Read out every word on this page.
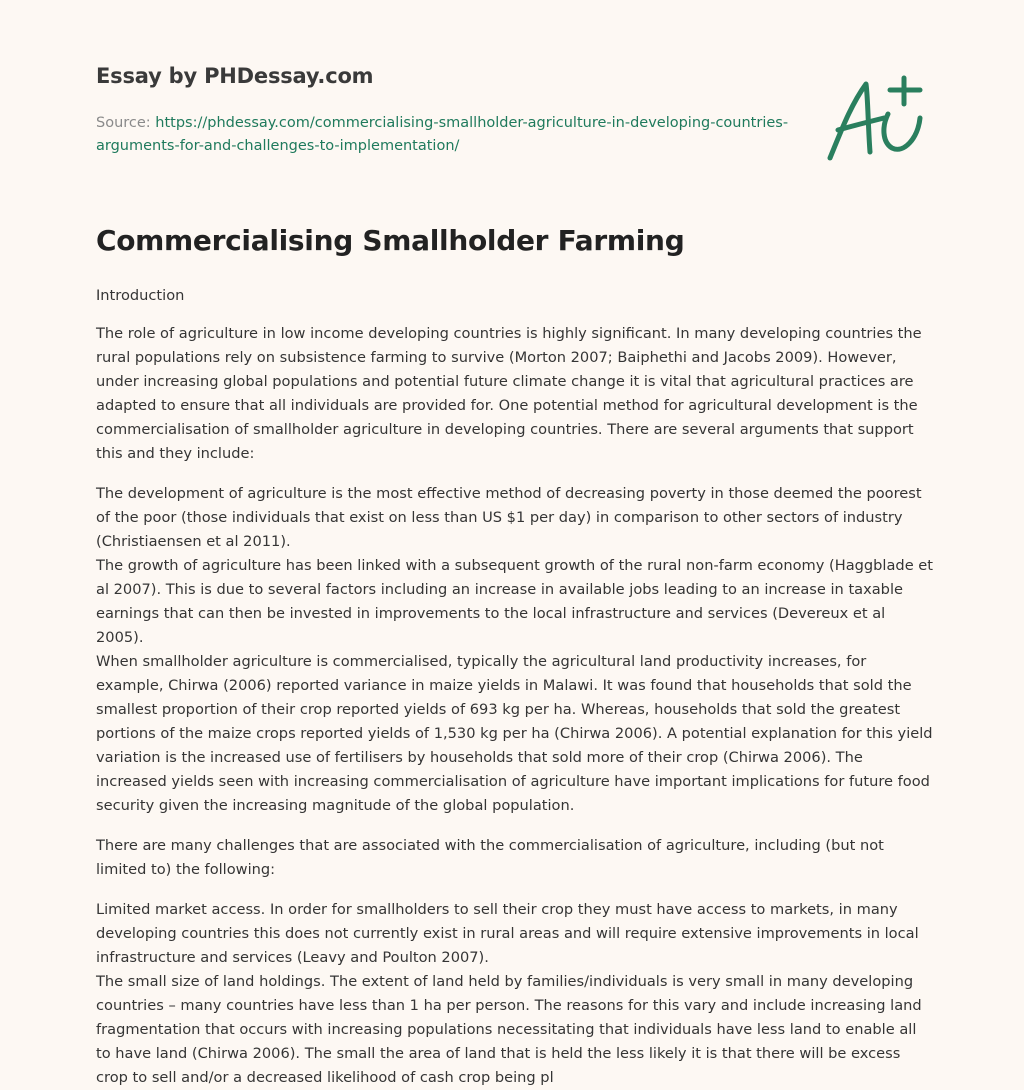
Essay by PHDessay.com
Source: https://phdessay.com/commercialising-smallholder-agriculture-in-developing-countries-arguments-for-and-challenges-to-implementation/
Commercialising Smallholder Farming

Introduction

The role of agriculture in low income developing countries is highly significant. In many developing countries the rural populations rely on subsistence farming to survive (Morton 2007; Baiphethi and Jacobs 2009). However, under increasing global populations and potential future climate change it is vital that agricultural practices are adapted to ensure that all individuals are provided for. One potential method for agricultural development is the commercialisation of smallholder agriculture in developing countries. There are several arguments that support this and they include:

The development of agriculture is the most effective method of decreasing poverty in those deemed the poorest of the poor (those individuals that exist on less than US $1 per day) in comparison to other sectors of industry (Christiaensen et al 2011).

The growth of agriculture has been linked with a subsequent growth of the rural non-farm economy (Haggblade et al 2007). This is due to several factors including an increase in available jobs leading to an increase in taxable earnings that can then be invested in improvements to the local infrastructure and services (Devereux et al 2005).

When smallholder agriculture is commercialised, typically the agricultural land productivity increases, for example, Chirwa (2006) reported variance in maize yields in Malawi. It was found that households that sold the smallest proportion of their crop reported yields of 693 kg per ha. Whereas, households that sold the greatest portions of the maize crops reported yields of 1,530 kg per ha (Chirwa 2006). A potential explanation for this yield variation is the increased use of fertilisers by households that sold more of their crop (Chirwa 2006). The increased yields seen with increasing commercialisation of agriculture have important implications for future food security given the increasing magnitude of the global population.

There are many challenges that are associated with the commercialisation of agriculture, including (but not limited to) the following:

Limited market access. In order for smallholders to sell their crop they must have access to markets, in many developing countries this does not currently exist in rural areas and will require extensive improvements in local infrastructure and services (Leavy and Poulton 2007).

The small size of land holdings. The extent of land held by families/individuals is very small in many developing countries – many countries have less than 1 ha per person. The reasons for this vary and include increasing land fragmentation that occurs with increasing populations necessitating that individuals have less land to enable all to have land (Chirwa 2006). The small the area of land that is held the less likely it is that there will be excess crop to sell and/or a decreased likelihood of cash crop being pl
